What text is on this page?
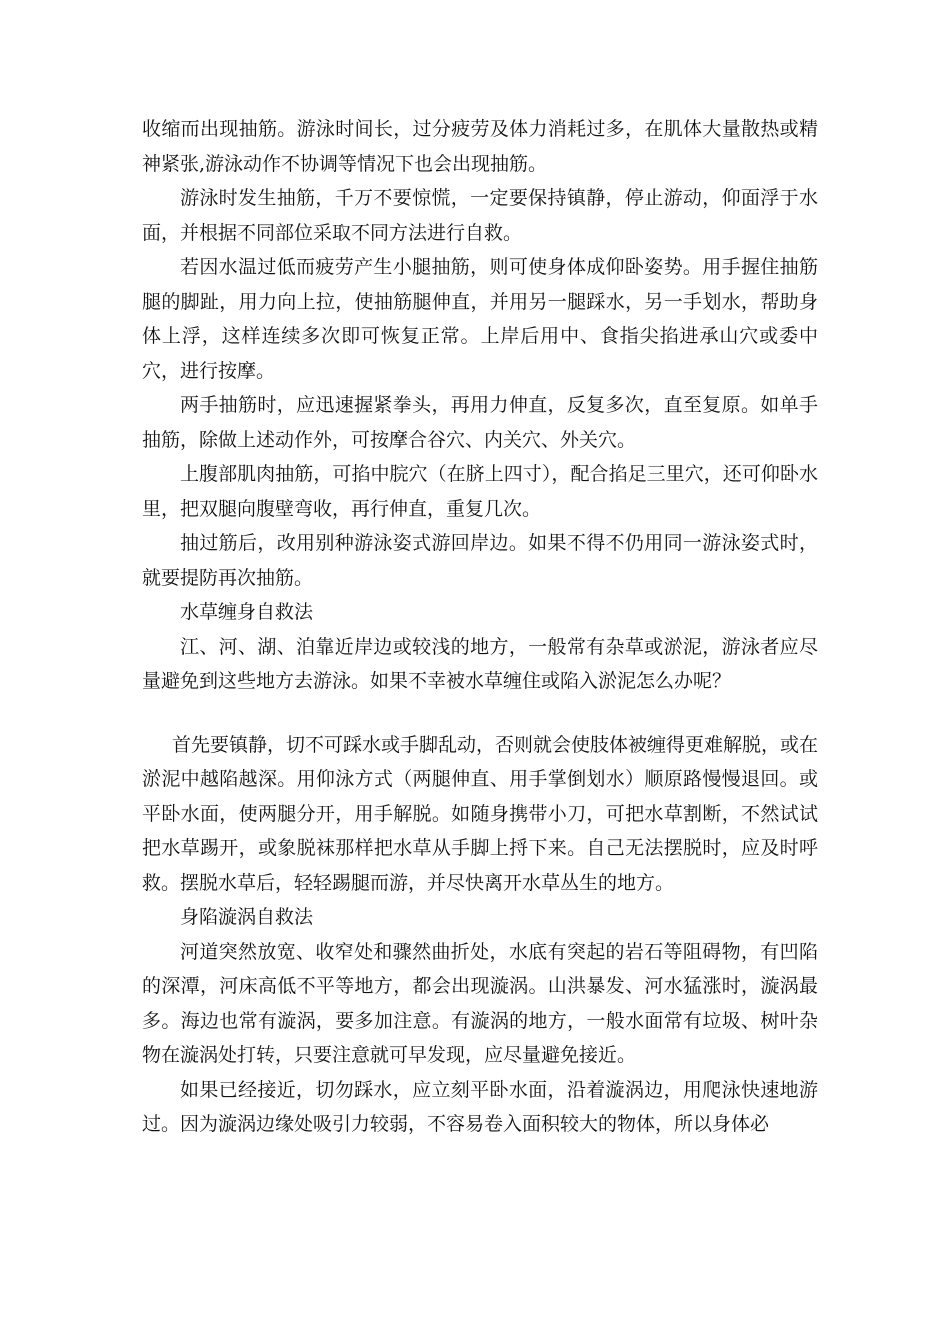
收缩而出现抽筋。游泳时间长，过分疲劳及体力消耗过多，在肌体大量散热或精神紧张,游泳动作不协调等情况下也会出现抽筋。

游泳时发生抽筋，千万不要惊慌，一定要保持镇静，停止游动，仰面浮于水面，并根据不同部位采取不同方法进行自救。

若因水温过低而疲劳产生小腿抽筋，则可使身体成仰卧姿势。用手握住抽筋腿的脚趾，用力向上拉，使抽筋腿伸直，并用另一腿踩水，另一手划水，帮助身体上浮，这样连续多次即可恢复正常。上岸后用中、食指尖掐进承山穴或委中穴，进行按摩。

两手抽筋时，应迅速握紧拳头，再用力伸直，反复多次，直至复原。如单手抽筋，除做上述动作外，可按摩合谷穴、内关穴、外关穴。

上腹部肌肉抽筋，可掐中脘穴（在脐上四寸），配合掐足三里穴，还可仰卧水里，把双腿向腹壁弯收，再行伸直，重复几次。

抽过筋后，改用别种游泳姿式游回岸边。如果不得不仍用同一游泳姿式时，就要提防再次抽筋。

水草缠身自救法

江、河、湖、泊靠近岸边或较浅的地方，一般常有杂草或淤泥，游泳者应尽量避免到这些地方去游泳。如果不幸被水草缠住或陷入淤泥怎么办呢？

首先要镇静，切不可踩水或手脚乱动，否则就会使肢体被缠得更难解脱，或在淤泥中越陷越深。用仰泳方式（两腿伸直、用手掌倒划水）顺原路慢慢退回。或平卧水面，使两腿分开，用手解脱。如随身携带小刀，可把水草割断，不然试试把水草踢开，或象脱袜那样把水草从手脚上捋下来。自己无法摆脱时，应及时呼救。摆脱水草后，轻轻踢腿而游，并尽快离开水草丛生的地方。

身陷漩涡自救法

河道突然放宽、收窄处和骤然曲折处，水底有突起的岩石等阻碍物，有凹陷的深潭，河床高低不平等地方，都会出现漩涡。山洪暴发、河水猛涨时，漩涡最多。海边也常有漩涡，要多加注意。有漩涡的地方，一般水面常有垃圾、树叶杂物在漩涡处打转，只要注意就可早发现，应尽量避免接近。

如果已经接近，切勿踩水，应立刻平卧水面，沿着漩涡边，用爬泳快速地游过。因为漩涡边缘处吸引力较弱，不容易卷入面积较大的物体，所以身体必
